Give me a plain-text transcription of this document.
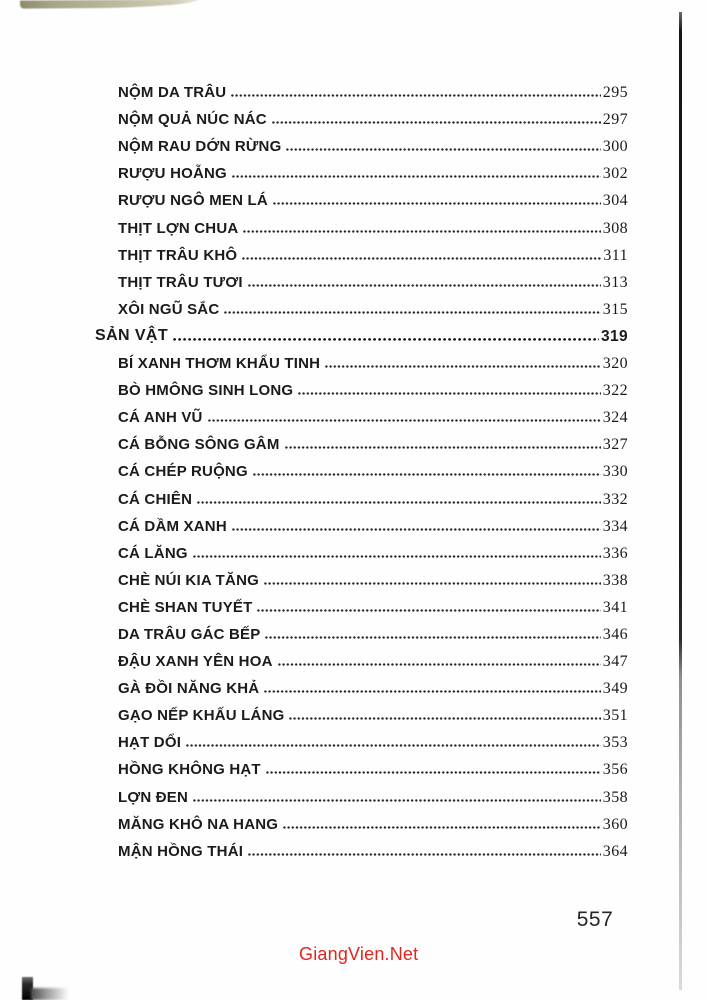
NỘM DA TRÂU	295
NỘM QUẢ NÚC NÁC	297
NỘM RAU DỚN RỪNG	300
RƯỢU HOẴNG	302
RƯỢU NGÔ MEN LÁ	304
THỊT LỢN CHUA	308
THỊT TRÂU KHÔ	311
THỊT TRÂU TƯƠI	313
XÔI NGŨ SẮC	315
SẢN VẬT	319
BÍ XANH THƠM KHẨU TINH	320
BÒ HMÔNG SINH LONG	322
CÁ ANH VŨ	324
CÁ BỖNG SÔNG GÂM	327
CÁ CHÉP RUỘNG	330
CÁ CHIÊN	332
CÁ DẦM XANH	334
CÁ LĂNG	336
CHÈ NÚI KIA TĂNG	338
CHÈ SHAN TUYẾT	341
DA TRÂU GÁC BẾP	346
ĐẬU XANH YÊN HOA	347
GÀ ĐỒI NĂNG KHẢ	349
GẠO NẾP KHẤU LÁNG	351
HẠT DỔI	353
HỒNG KHÔNG HẠT	356
LỢN ĐEN	358
MĂNG KHÔ NA HANG	360
MẬN HỒNG THÁI	364
557
GiangVien.Net
